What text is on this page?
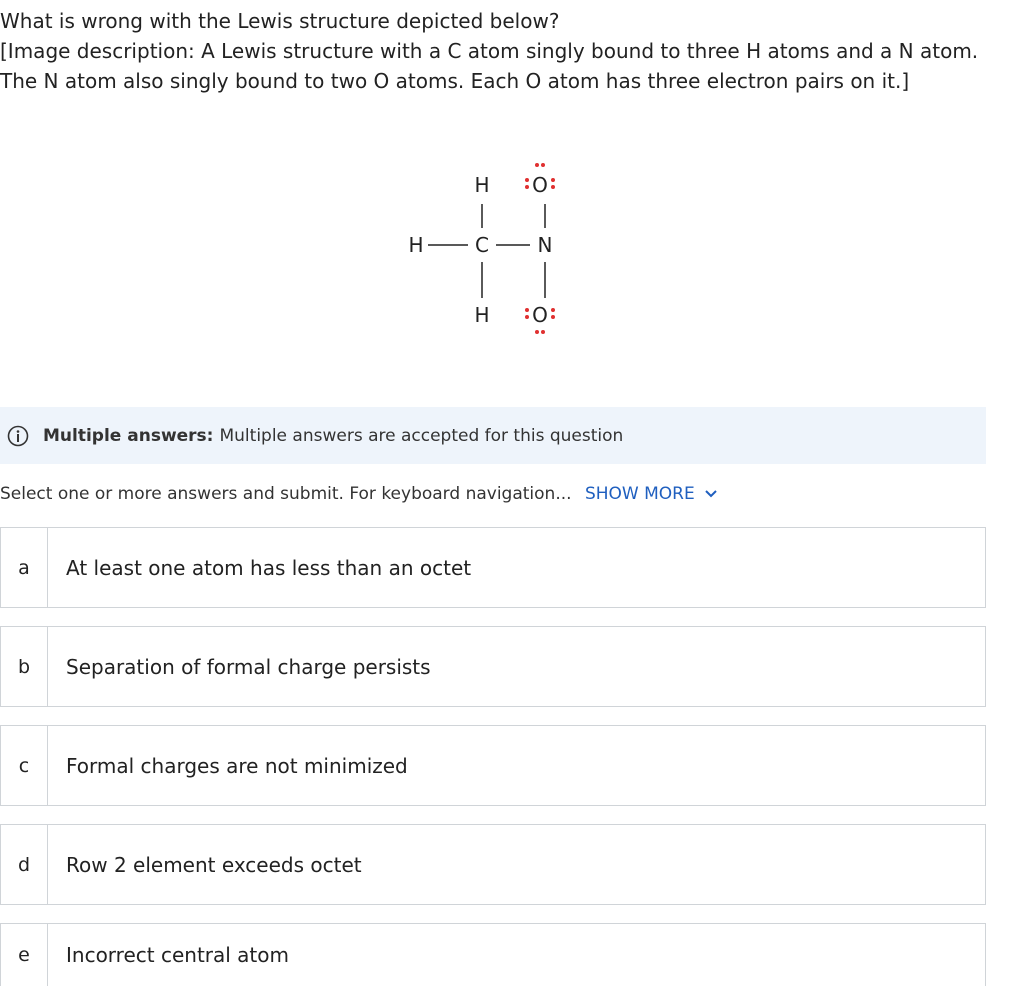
What is wrong with the Lewis structure depicted below?
[Image description: A Lewis structure with a C atom singly bound to three H atoms and a N atom.
The N atom also singly bound to two O atoms. Each O atom has three electron pairs on it.]
H
H	C N
H
O
O
Multiple answers: Multiple answers are accepted for this question
Select one or more answers and submit. For keyboard navigation... SHOW MORE
a	At least one atom has less than an octet
b	Separation of formal charge persists
c	Formal charges are not minimized
d	Row 2 element exceeds octet
e	Incorrect central atom
